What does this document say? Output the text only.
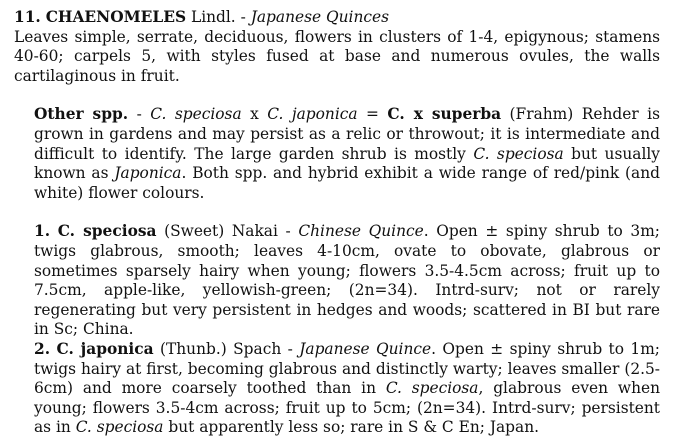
11. CHAENOMELES Lindl. - Japanese Quinces
Leaves simple, serrate, deciduous, flowers in clusters of 1-4, epigynous; stamens 40-60; carpels 5, with styles fused at base and numerous ovules, the walls cartilaginous in fruit.
Other spp. - C. speciosa x C. japonica = C. x superba (Frahm) Rehder is grown in gardens and may persist as a relic or throwout; it is intermediate and difficult to identify. The large garden shrub is mostly C. speciosa but usually known as Japonica. Both spp. and hybrid exhibit a wide range of red/pink (and white) flower colours.
1. C. speciosa (Sweet) Nakai - Chinese Quince. Open ± spiny shrub to 3m; twigs glabrous, smooth; leaves 4-10cm, ovate to obovate, glabrous or sometimes sparsely hairy when young; flowers 3.5-4.5cm across; fruit up to 7.5cm, apple-like, yellowish-green; (2n=34). Intrd-surv; not or rarely regenerating but very persistent in hedges and woods; scattered in BI but rare in Sc; China.
2. C. japonica (Thunb.) Spach - Japanese Quince. Open ± spiny shrub to 1m; twigs hairy at first, becoming glabrous and distinctly warty; leaves smaller (2.5-6cm) and more coarsely toothed than in C. speciosa, glabrous even when young; flowers 3.5-4cm across; fruit up to 5cm; (2n=34). Intrd-surv; persistent as in C. speciosa but apparently less so; rare in S & C En; Japan.
